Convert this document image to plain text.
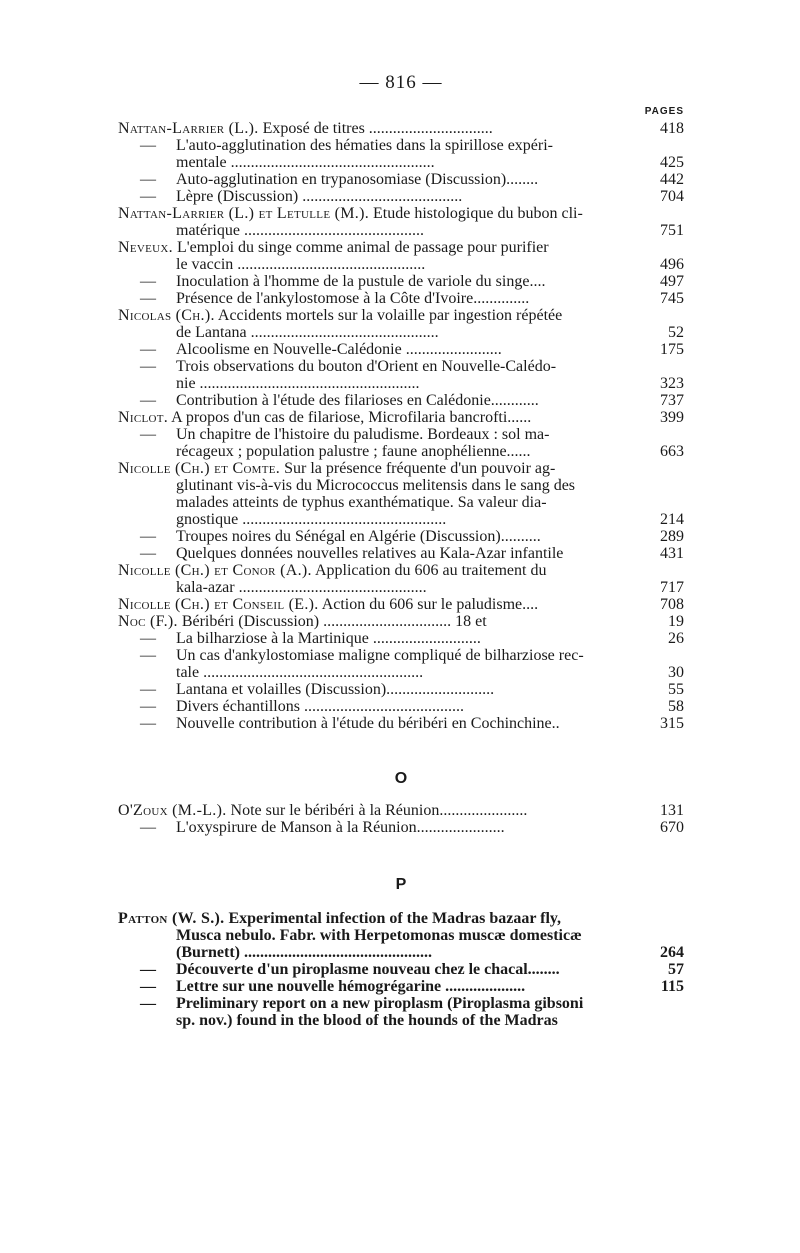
— 816 —
PAGES
Nattan-Larrier (L.). Exposé de titres ...............................	418
— L'auto-agglutination des hématies dans la spirillose expéri-
mentale ...................................................	425
— Auto-agglutination en trypanosomiase (Discussion)........	442
— Lèpre (Discussion) ........................................	704
Nattan-Larrier (L.) et Letulle (M.). Etude histologique du bubon cli-
matérique .............................................	751
Neveux. L'emploi du singe comme animal de passage pour purifier
le vaccin ...............................................	496
— Inoculation à l'homme de la pustule de variole du singe....	497
— Présence de l'ankylostomose à la Côte d'Ivoire..............	745
Nicolas (Ch.). Accidents mortels sur la volaille par ingestion répétée
de Lantana ...............................................	52
— Alcoolisme en Nouvelle-Calédonie ........................	175
— Trois observations du bouton d'Orient en Nouvelle-Calédo-
nie .......................................................	323
— Contribution à l'étude des filarioses en Calédonie............	737
Niclot. A propos d'un cas de filariose, Microfilaria bancrofti......	399
— Un chapitre de l'histoire du paludisme. Bordeaux : sol ma-
récageux ; population palustre ; faune anophélienne......	663
Nicolle (Ch.) et Comte. Sur la présence fréquente d'un pouvoir ag-
glutinant vis-à-vis du Micrococcus melitensis dans le sang des
malades atteints de typhus exanthématique. Sa valeur dia-
gnostique ...................................................	214
— Troupes noires du Sénégal en Algérie (Discussion)..........	289
— Quelques données nouvelles relatives au Kala-Azar infantile	431
Nicolle (Ch.) et Conor (A.). Application du 606 au traitement du
kala-azar ...............................................	717
Nicolle (Ch.) et Conseil (E.). Action du 606 sur le paludisme....	708
Noc (F.). Béribéri (Discussion) ................................ 18 et	19
— La bilharziose à la Martinique ...........................	26
— Un cas d'ankylostomiase maligne compliqué de bilharziose rec-
tale .......................................................	30
— Lantana et volailles (Discussion)...........................	55
— Divers échantillons ........................................	58
— Nouvelle contribution à l'étude du béribéri en Cochinchine..	315
O
O'Zoux (M.-L.). Note sur le béribéri à la Réunion......................	131
— L'oxyspirure de Manson à la Réunion......................	670
P
Patton (W. S.). Experimental infection of the Madras bazaar fly,
Musca nebulo. Fabr. with Herpetomonas muscæ domesticæ
(Burnett) ...............................................	264
— Découverte d'un piroplasme nouveau chez le chacal........	57
— Lettre sur une nouvelle hémogrégarine ....................	115
— Preliminary report on a new piroplasm (Piroplasma gibsoni
sp. nov.) found in the blood of the hounds of the Madras
